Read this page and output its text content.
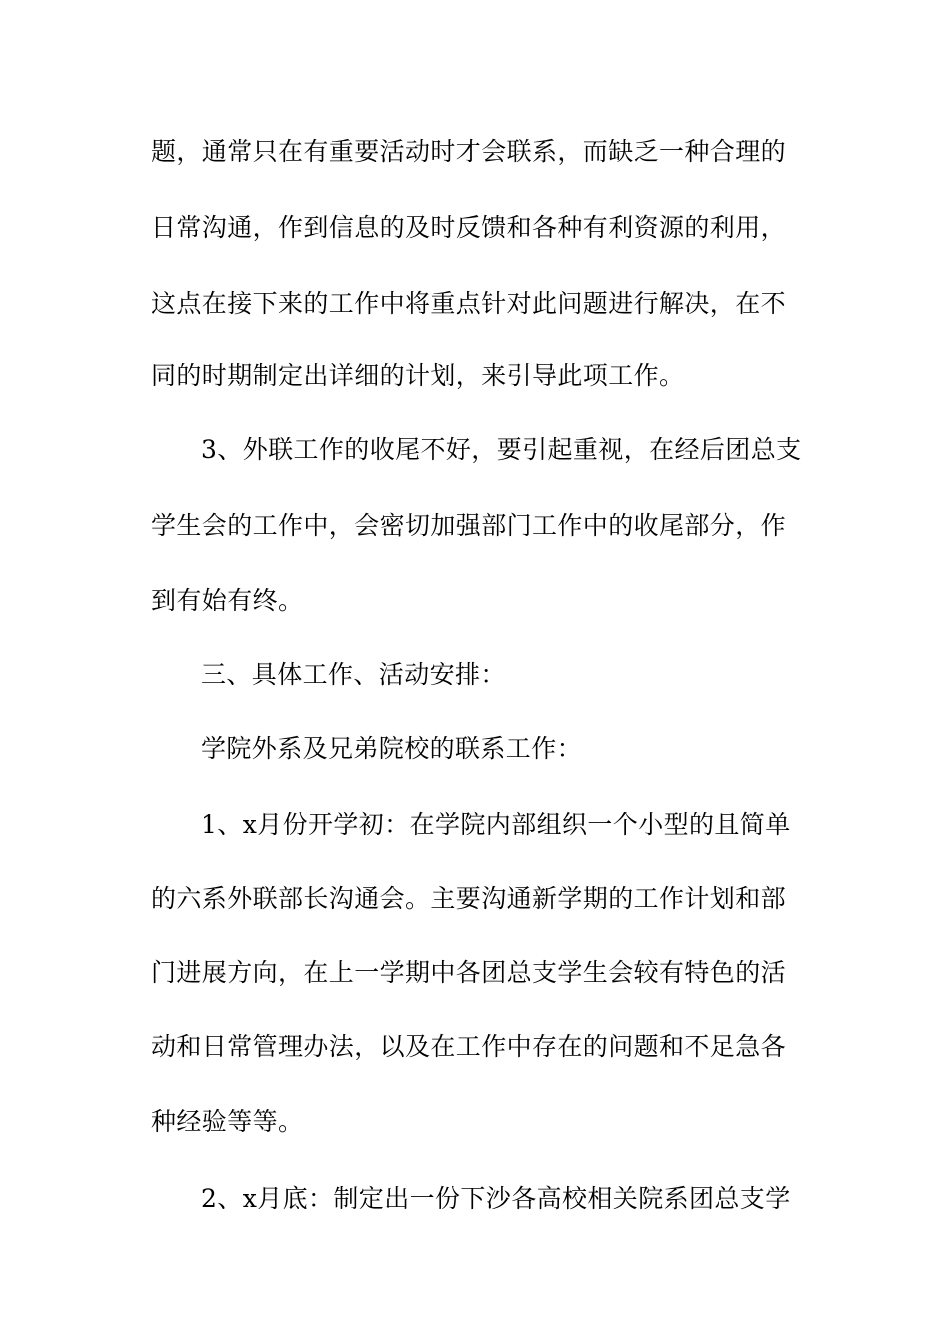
题，通常只在有重要活动时才会联系，而缺乏一种合理的
日常沟通，作到信息的及时反馈和各种有利资源的利用，
这点在接下来的工作中将重点针对此问题进行解决，在不
同的时期制定出详细的计划，来引导此项工作。
3、外联工作的收尾不好，要引起重视，在经后团总支
学生会的工作中，会密切加强部门工作中的收尾部分，作
到有始有终。
三、具体工作、活动安排：
学院外系及兄弟院校的联系工作：
1、x月份开学初：在学院内部组织一个小型的且简单
的六系外联部长沟通会。主要沟通新学期的工作计划和部
门进展方向，在上一学期中各团总支学生会较有特色的活
动和日常管理办法，以及在工作中存在的问题和不足急各
种经验等等。
2、x月底：制定出一份下沙各高校相关院系团总支学
